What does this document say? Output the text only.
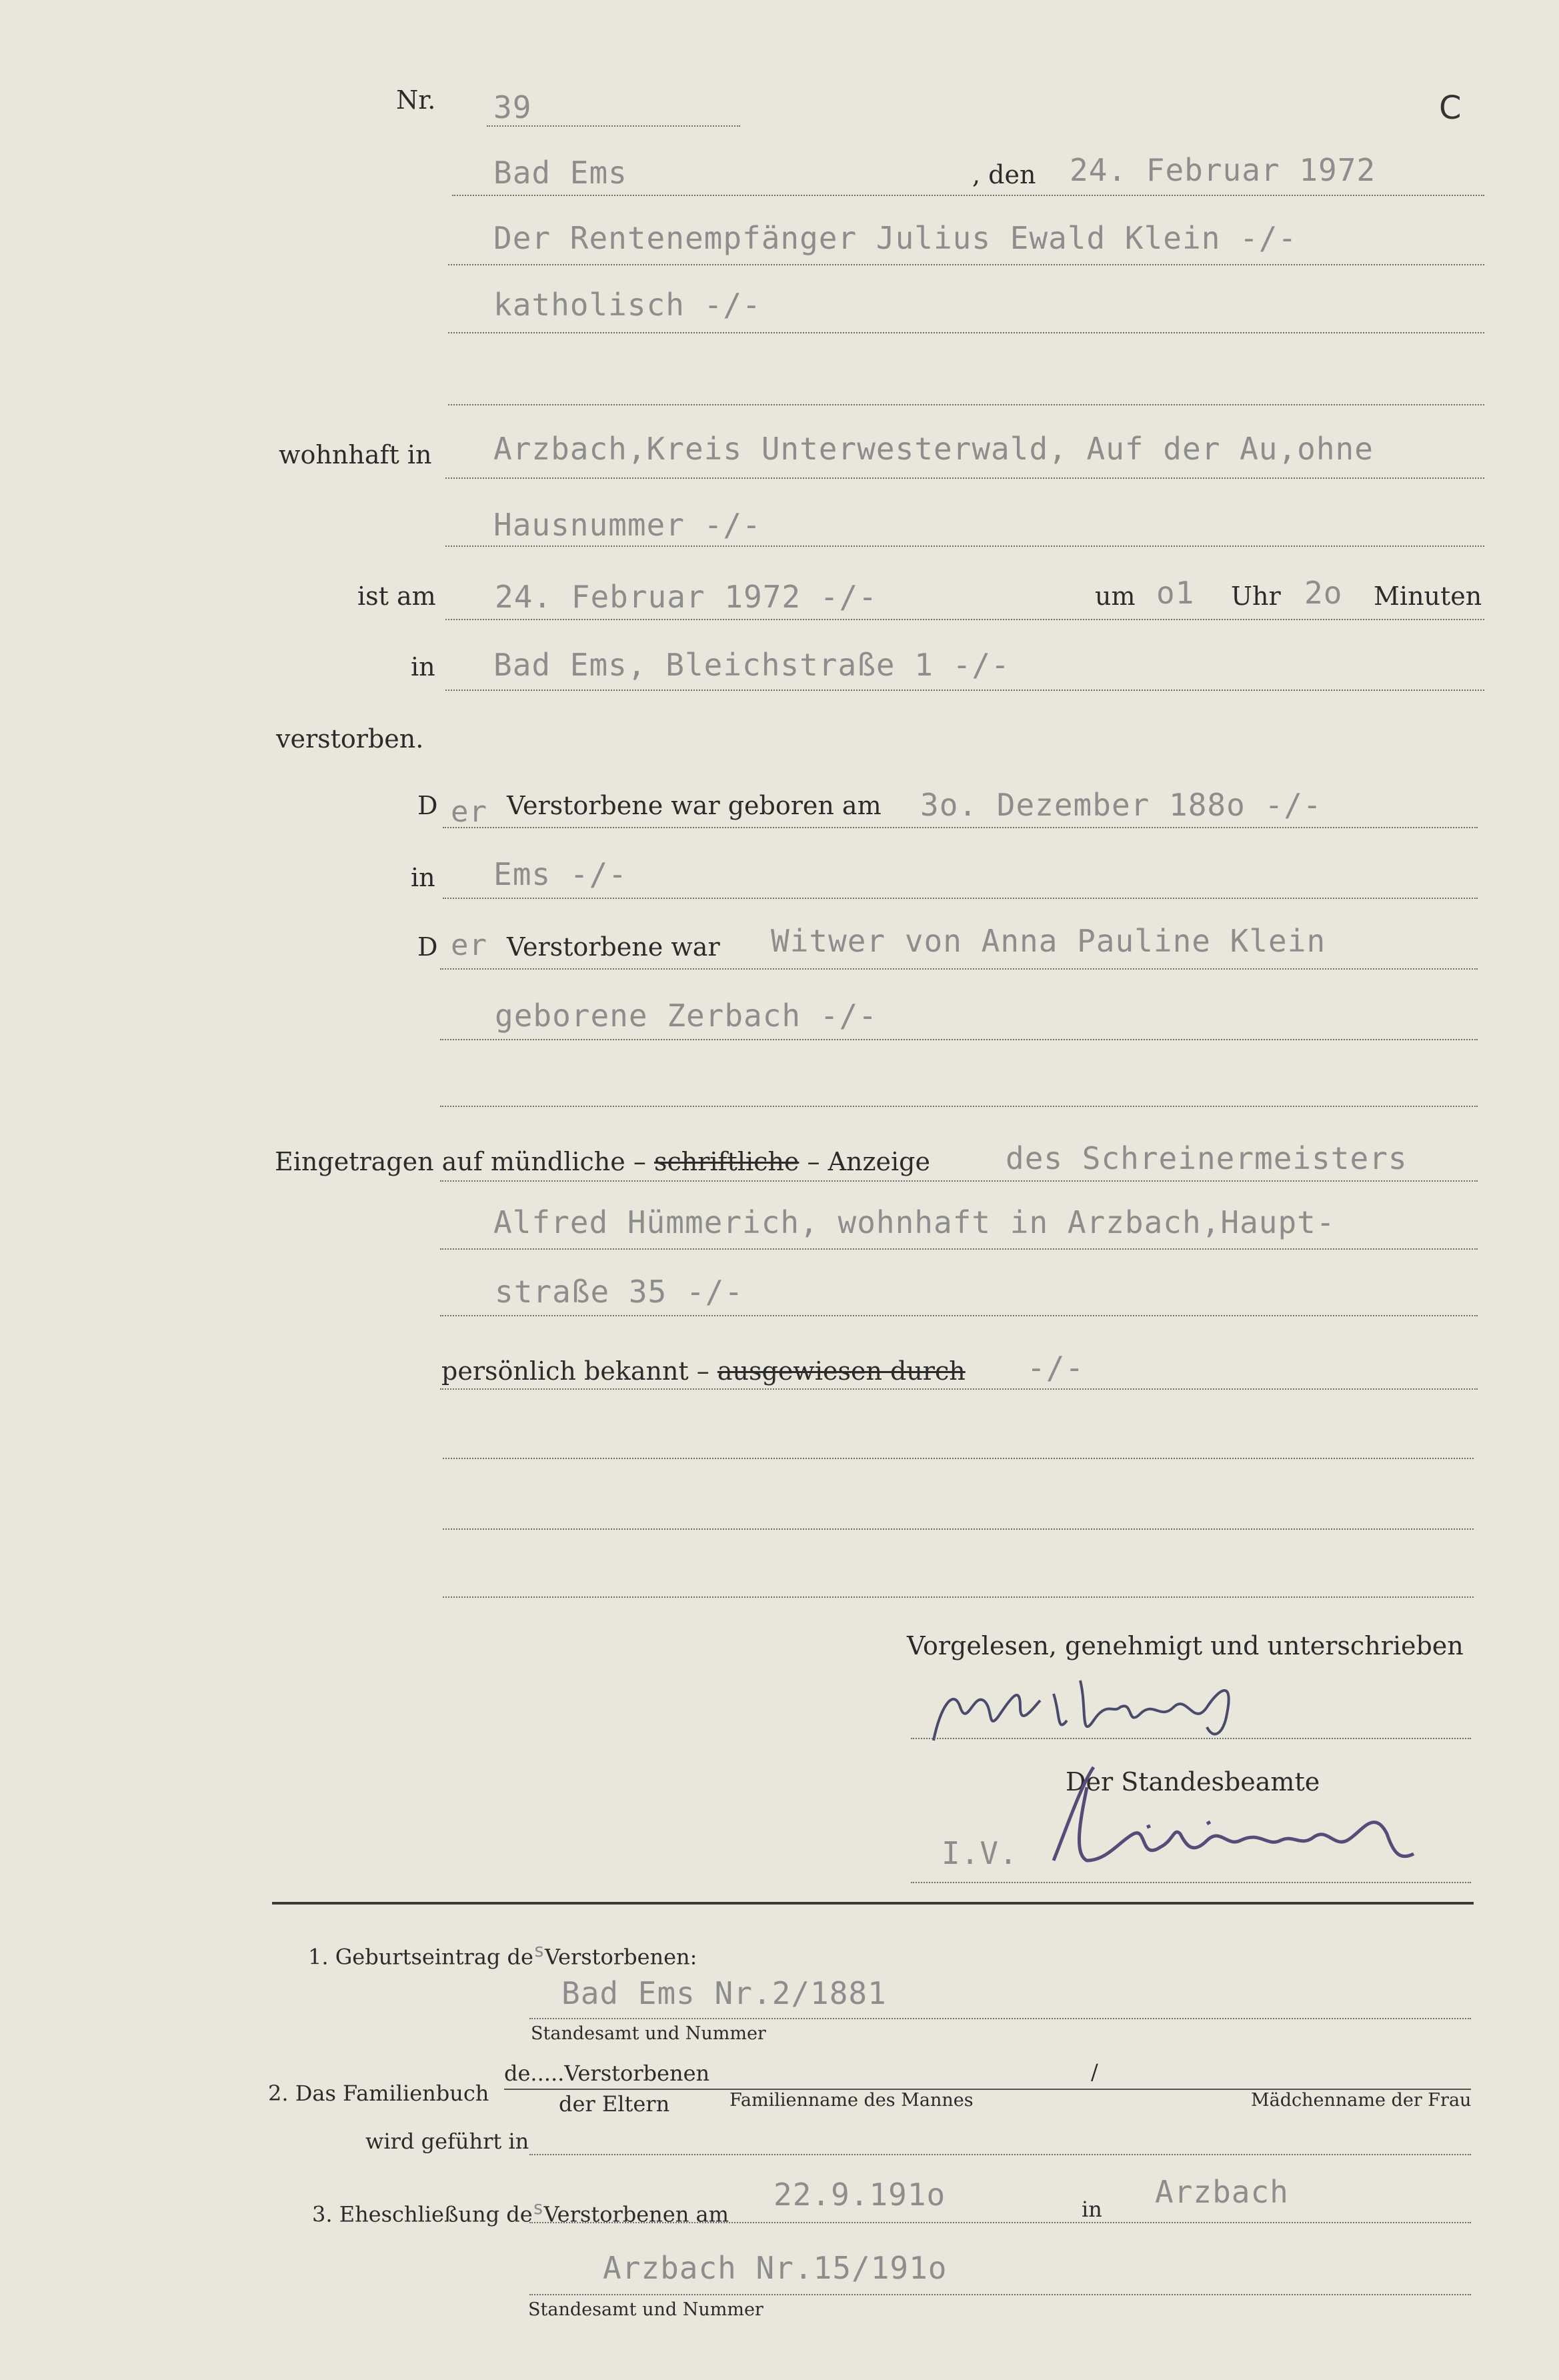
Nr. 39	C
Bad Ems	, den 24. Februar 1972
Der Rentenempfänger Julius Ewald Klein -/-
katholisch -/-
wohnhaft in Arzbach,Kreis Unterwesterwald, Auf der Au,ohne
Hausnummer -/-
ist am 24. Februar 1972 -/-	um o1 Uhr 2o Minuten
in Bad Ems, Bleichstraße 1 -/-
verstorben.
D er Verstorbene war geboren am 3o. Dezember 188o -/-
in Ems -/-
D er Verstorbene war Witwer von Anna Pauline Klein
geborene Zerbach -/-
Eingetragen auf mündliche – schriftliche – Anzeige des Schreinermeisters
Alfred Hümmerich, wohnhaft in Arzbach,Haupt-
straße 35 -/-
persönlich bekannt – ausgewiesen durch -/-
Vorgelesen, genehmigt und unterschrieben
Der Standesbeamte
I.V.
1. Geburtseintrag desVerstorbenen:
Bad Ems Nr.2/1881
Standesamt und Nummer
2. Das Familienbuch
de.....Verstorbenen
der Eltern
/
Familienname des Mannes	Mädchenname der Frau
wird geführt in
3. Eheschließung desVerstorbenen am
22.9.191o	in Arzbach
Arzbach Nr.15/191o
Standesamt und Nummer
